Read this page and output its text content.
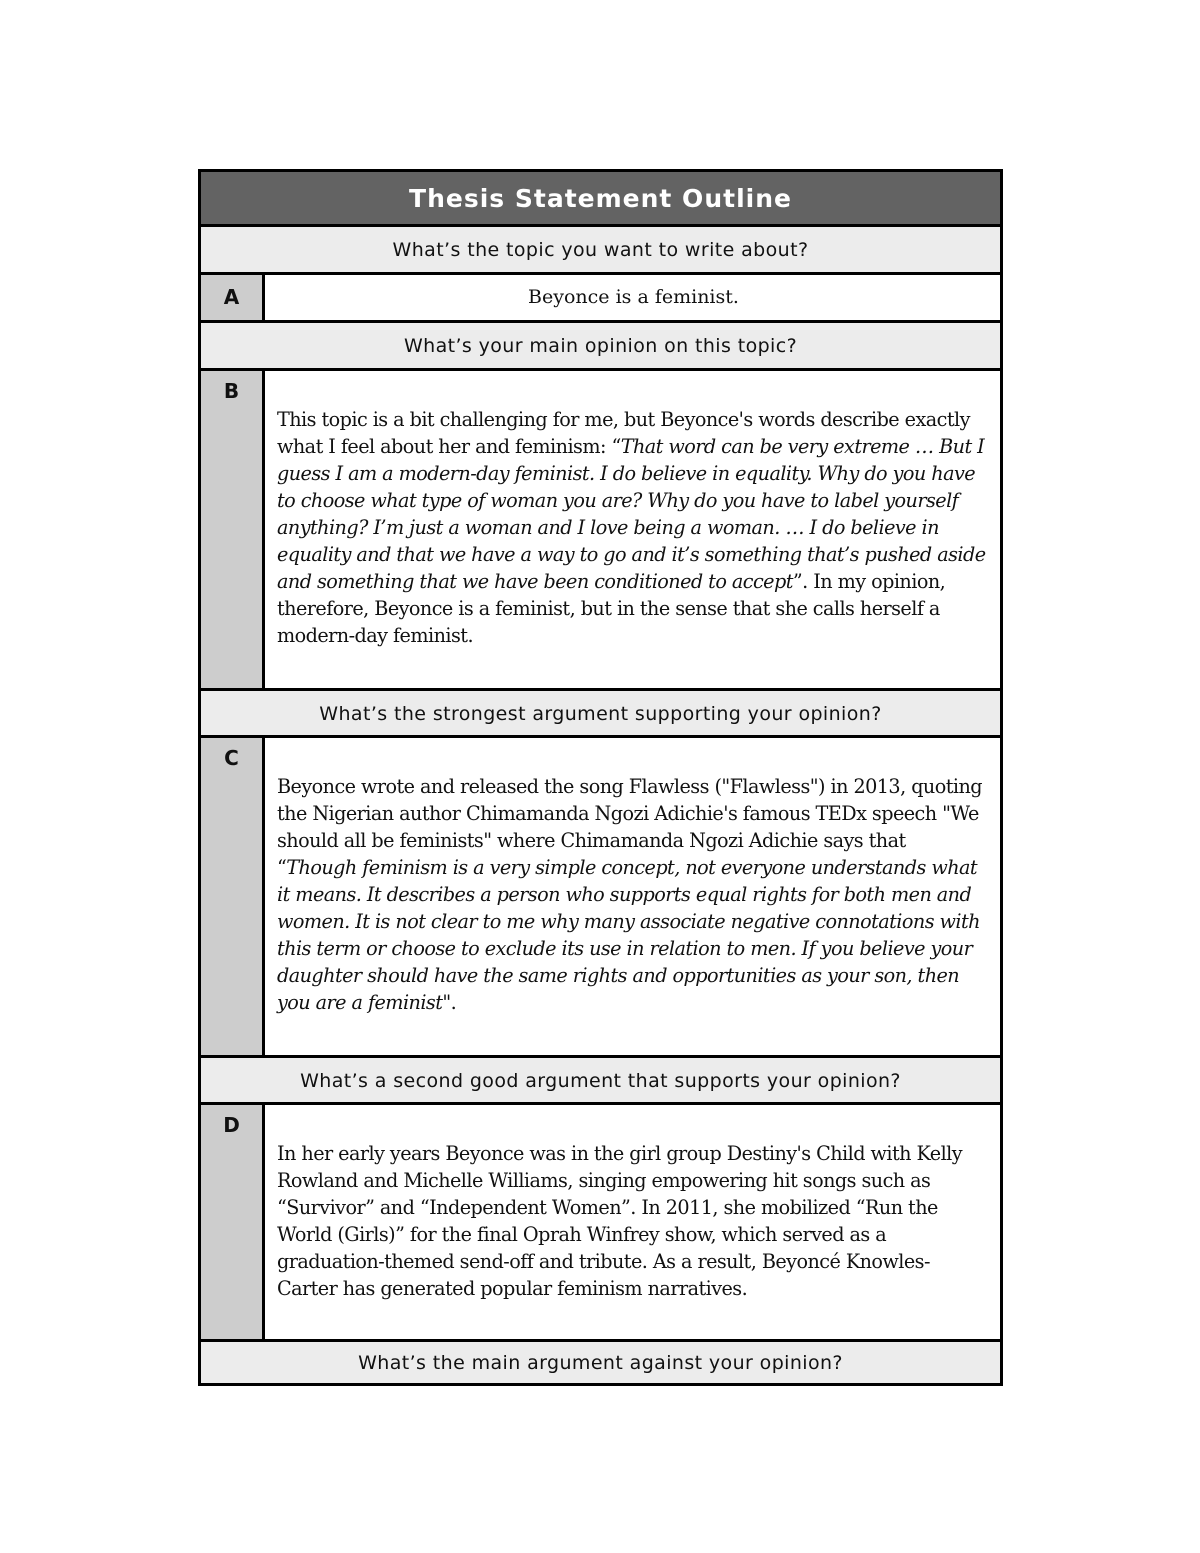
Thesis Statement Outline
What’s the topic you want to write about?
A	Beyonce is a feminist.
What’s your main opinion on this topic?
B

This topic is a bit challenging for me, but Beyonce's words describe exactly what I feel about her and feminism: “That word can be very extreme … But I guess I am a modern-day feminist. I do believe in equality. Why do you have to choose what type of woman you are? Why do you have to label yourself anything? I’m just a woman and I love being a woman. … I do believe in equality and that we have a way to go and it’s something that’s pushed aside and something that we have been conditioned to accept”. In my opinion, therefore, Beyonce is a feminist, but in the sense that she calls herself a modern-day feminist.

What’s the strongest argument supporting your opinion?
C

Beyonce wrote and released the song Flawless ("Flawless") in 2013, quoting the Nigerian author Chimamanda Ngozi Adichie's famous TEDx speech "We should all be feminists" where Chimamanda Ngozi Adichie says that “Though feminism is a very simple concept, not everyone understands what it means. It describes a person who supports equal rights for both men and women. It is not clear to me why many associate negative connotations with this term or choose to exclude its use in relation to men. If you believe your daughter should have the same rights and opportunities as your son, then you are a feminist".

What’s a second good argument that supports your opinion?
D

In her early years Beyonce was in the girl group Destiny's Child with Kelly Rowland and Michelle Williams, singing empowering hit songs such as “Survivor” and “Independent Women”. In 2011, she mobilized “Run the World (Girls)” for the final Oprah Winfrey show, which served as a graduation-themed send-off and tribute. As a result, Beyoncé Knowles-Carter has generated popular feminism narratives.

What’s the main argument against your opinion?
